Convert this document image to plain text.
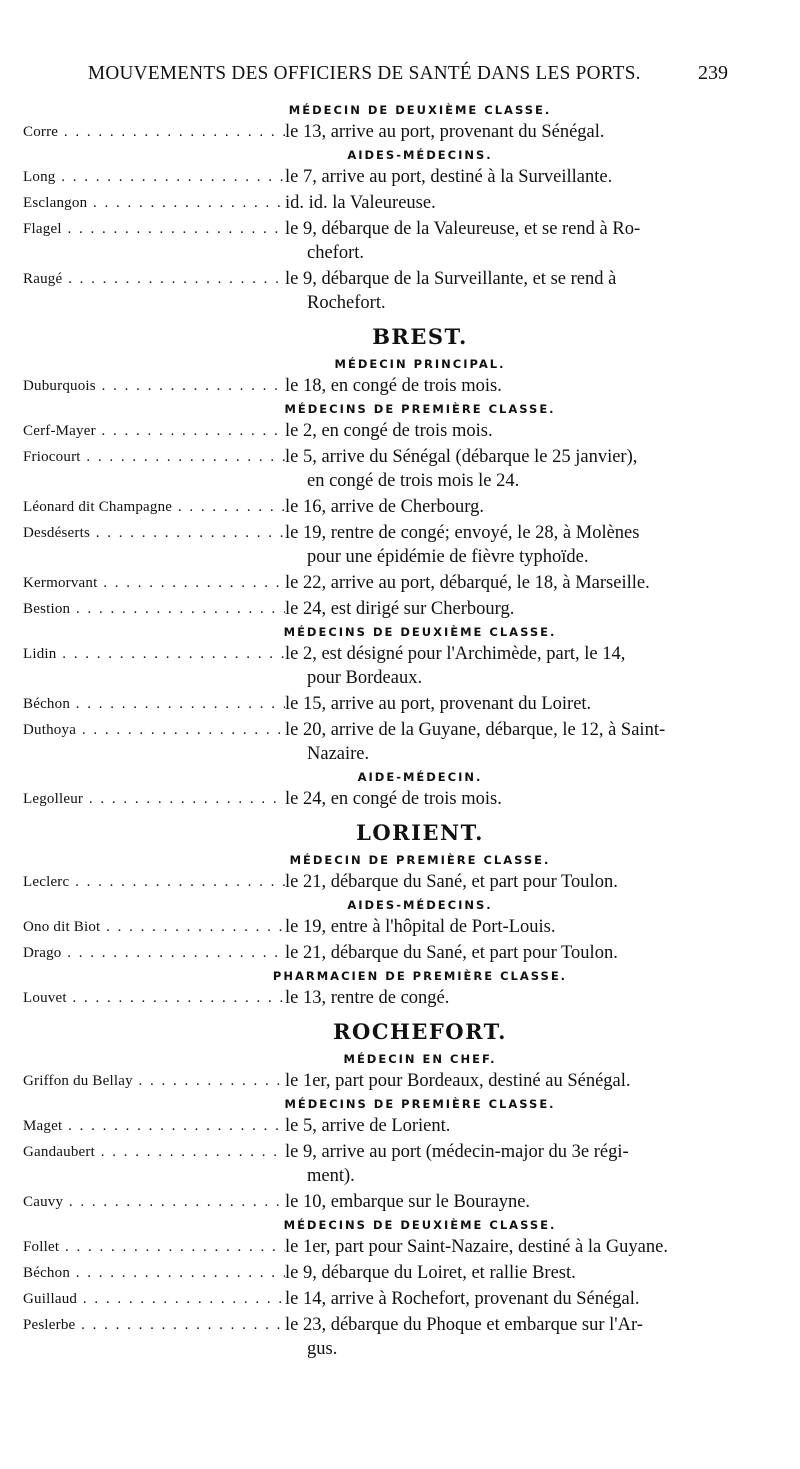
MOUVEMENTS DES OFFICIERS DE SANTÉ DANS LES PORTS.	239
MÉDECIN DE DEUXIÈME CLASSE.
Corre . . .	le 13, arrive au port, provenant du Sénégal.
AIDES-MÉDECINS.
Long . . .	le 7, arrive au port, destiné à la Surveillante.
Esclangon . . .	id. id. la Valeureuse.
Flagel . . .	le 9, débarque de la Valeureuse, et se rend à Ro-
chefort.
Raugé . . .	le 9, débarque de la Surveillante, et se rend à
Rochefort.
BREST.
MÉDECIN PRINCIPAL.
Duburquois . . .	le 18, en congé de trois mois.
MÉDECINS DE PREMIÈRE CLASSE.
Cerf-Mayer . . .	le 2, en congé de trois mois.
Friocourt . . .	le 5, arrive du Sénégal (débarque le 25 janvier),
en congé de trois mois le 24.
Léonard dit Champagne . . .	le 16, arrive de Cherbourg.
Desdéserts . . .	le 19, rentre de congé; envoyé, le 28, à Molènes
pour une épidémie de fièvre typhoïde.
Kermorvant . . .	le 22, arrive au port, débarqué, le 18, à Marseille.
Bestion . . .	le 24, est dirigé sur Cherbourg.
MÉDECINS DE DEUXIÈME CLASSE.
Lidin . . .	le 2, est désigné pour l'Archimède, part, le 14,
pour Bordeaux.
Béchon . . .	le 15, arrive au port, provenant du Loiret.
Duthoya . . .	le 20, arrive de la Guyane, débarque, le 12, à Saint-
Nazaire.
AIDE-MÉDECIN.
Legolleur . . .	le 24, en congé de trois mois.
LORIENT.
MÉDECIN DE PREMIÈRE CLASSE.
Leclerc . . .	le 21, débarque du Sané, et part pour Toulon.
AIDES-MÉDECINS.
Ono dit Biot . . .	le 19, entre à l'hôpital de Port-Louis.
Drago . . .	le 21, débarque du Sané, et part pour Toulon.
PHARMACIEN DE PREMIÈRE CLASSE.
Louvet . . .	le 13, rentre de congé.
ROCHEFORT.
MÉDECIN EN CHEF.
Griffon du Bellay . . .	le 1er, part pour Bordeaux, destiné au Sénégal.
MÉDECINS DE PREMIÈRE CLASSE.
Maget . . .	le 5, arrive de Lorient.
Gandaubert . . .	le 9, arrive au port (médecin-major du 3e régi-
ment).
Cauvy . . .	le 10, embarque sur le Bourayne.
MÉDECINS DE DEUXIÈME CLASSE.
Follet . . .	le 1er, part pour Saint-Nazaire, destiné à la Guyane.
Béchon . . .	le 9, débarque du Loiret, et rallie Brest.
Guillaud . . .	le 14, arrive à Rochefort, provenant du Sénégal.
Peslerbe . . .	le 23, débarque du Phoque et embarque sur l'Ar-
gus.
